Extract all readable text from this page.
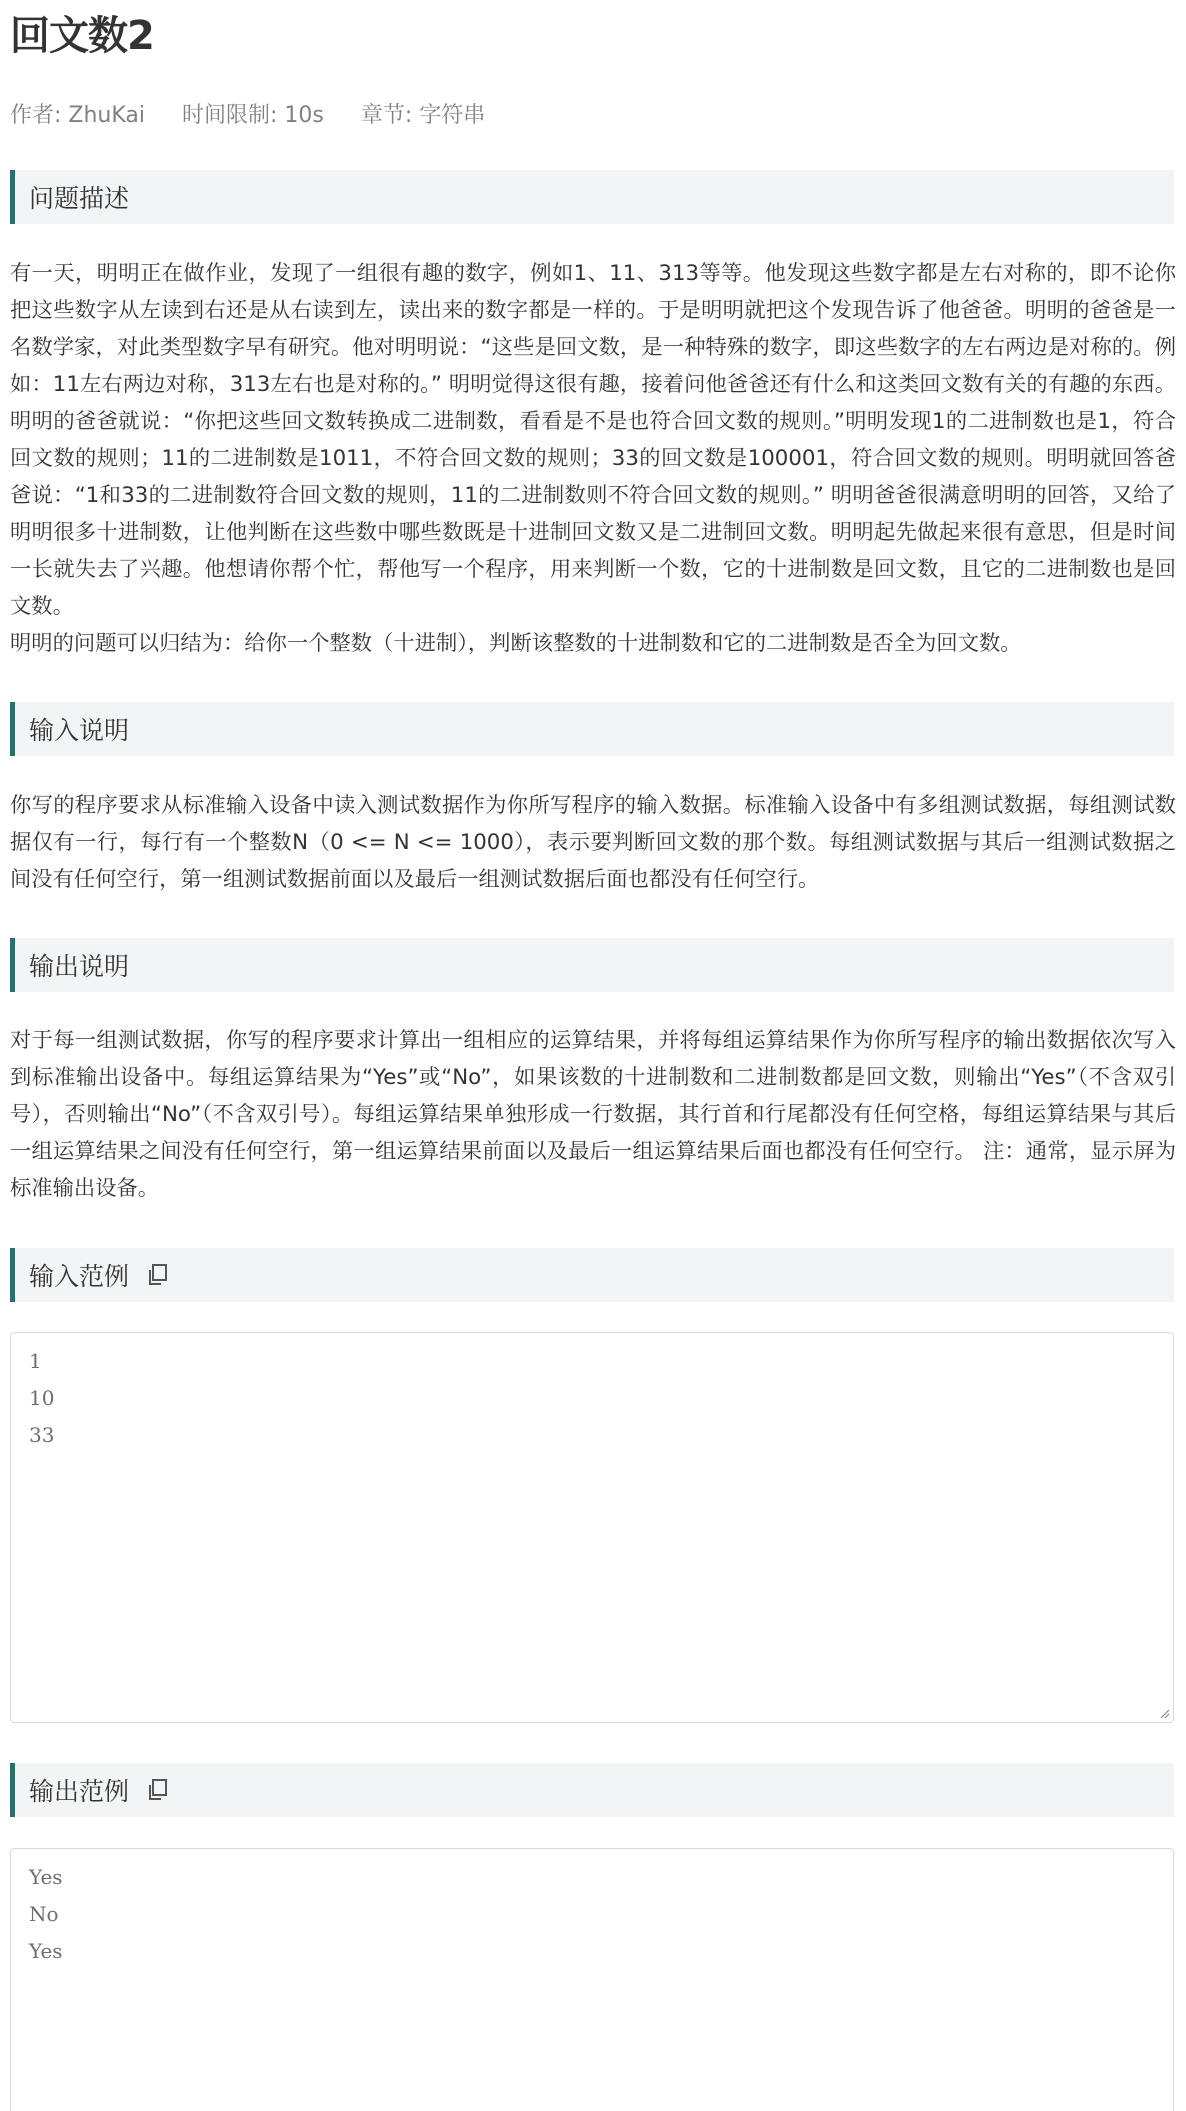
回文数2
作者: ZhuKai 时间限制: 10s 章节: 字符串
问题描述

有一天，明明正在做作业，发现了一组很有趣的数字，例如1、11、313等等。他发现这些数字都是左右对称的，即不论你把这些数字从左读到右还是从右读到左，读出来的数字都是一样的。于是明明就把这个发现告诉了他爸爸。明明的爸爸是一名数学家，对此类型数字早有研究。他对明明说：“这些是回文数，是一种特殊的数字，即这些数字的左右两边是对称的。例如：11左右两边对称，313左右也是对称的。” 明明觉得这很有趣，接着问他爸爸还有什么和这类回文数有关的有趣的东西。明明的爸爸就说：“你把这些回文数转换成二进制数，看看是不是也符合回文数的规则。”明明发现1的二进制数也是1，符合回文数的规则；11的二进制数是1011，不符合回文数的规则；33的回文数是100001，符合回文数的规则。明明就回答爸爸说：“1和33的二进制数符合回文数的规则，11的二进制数则不符合回文数的规则。” 明明爸爸很满意明明的回答，又给了明明很多十进制数，让他判断在这些数中哪些数既是十进制回文数又是二进制回文数。明明起先做起来很有意思，但是时间一长就失去了兴趣。他想请你帮个忙，帮他写一个程序，用来判断一个数，它的十进制数是回文数，且它的二进制数也是回文数。

明明的问题可以归结为：给你一个整数（十进制），判断该整数的十进制数和它的二进制数是否全为回文数。

输入说明

你写的程序要求从标准输入设备中读入测试数据作为你所写程序的输入数据。标准输入设备中有多组测试数据，每组测试数据仅有一行，每行有一个整数N（0 <= N <= 1000），表示要判断回文数的那个数。每组测试数据与其后一组测试数据之间没有任何空行，第一组测试数据前面以及最后一组测试数据后面也都没有任何空行。

输出说明

对于每一组测试数据，你写的程序要求计算出一组相应的运算结果，并将每组运算结果作为你所写程序的输出数据依次写入到标准输出设备中。每组运算结果为“Yes”或“No”，如果该数的十进制数和二进制数都是回文数，则输出“Yes”（不含双引号），否则输出“No”（不含双引号）。每组运算结果单独形成一行数据，其行首和行尾都没有任何空格，每组运算结果与其后一组运算结果之间没有任何空行，第一组运算结果前面以及最后一组运算结果后面也都没有任何空行。 注：通常，显示屏为标准输出设备。

输入范例
1
10
33
输出范例
Yes
No
Yes
